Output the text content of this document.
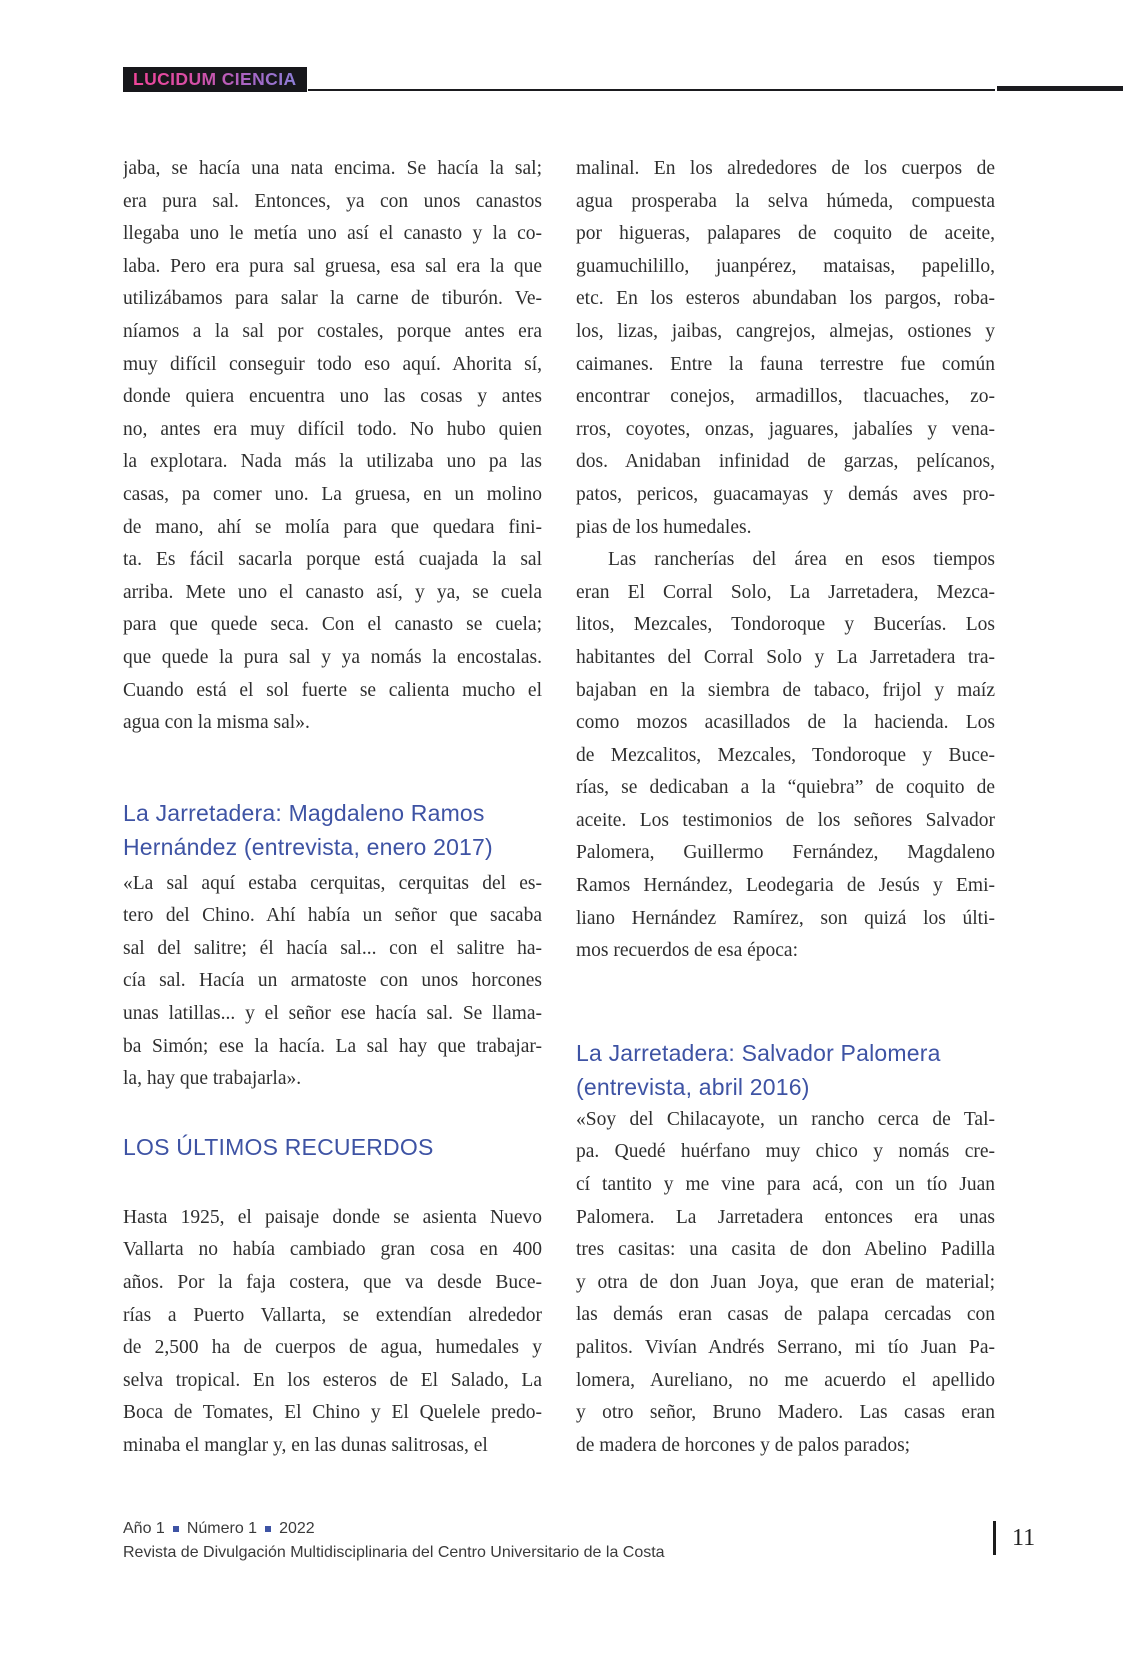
LUCIDUM CIENCIA
jaba, se hacía una nata encima. Se hacía la sal;
era pura sal. Entonces, ya con unos canastos
llegaba uno le metía uno así el canasto y la co-
laba. Pero era pura sal gruesa, esa sal era la que
utilizábamos para salar la carne de tiburón. Ve-
níamos a la sal por costales, porque antes era
muy difícil conseguir todo eso aquí. Ahorita sí,
donde quiera encuentra uno las cosas y antes
no, antes era muy difícil todo. No hubo quien
la explotara. Nada más la utilizaba uno pa las
casas, pa comer uno. La gruesa, en un molino
de mano, ahí se molía para que quedara fini-
ta. Es fácil sacarla porque está cuajada la sal
arriba. Mete uno el canasto así, y ya, se cuela
para que quede seca. Con el canasto se cuela;
que quede la pura sal y ya nomás la encostalas.
Cuando está el sol fuerte se calienta mucho el
agua con la misma sal».
La Jarretadera: Magdaleno Ramos
Hernández (entrevista, enero 2017)
«La sal aquí estaba cerquitas, cerquitas del es-
tero del Chino. Ahí había un señor que sacaba
sal del salitre; él hacía sal... con el salitre ha-
cía sal. Hacía un armatoste con unos horcones
unas latillas... y el señor ese hacía sal. Se llama-
ba Simón; ese la hacía. La sal hay que trabajar-
la, hay que trabajarla».
LOS ÚLTIMOS RECUERDOS
Hasta 1925, el paisaje donde se asienta Nuevo
Vallarta no había cambiado gran cosa en 400
años. Por la faja costera, que va desde Buce-
rías a Puerto Vallarta, se extendían alrededor
de 2,500 ha de cuerpos de agua, humedales y
selva tropical. En los esteros de El Salado, La
Boca de Tomates, El Chino y El Quelele predo-
minaba el manglar y, en las dunas salitrosas, el
malinal. En los alrededores de los cuerpos de
agua prosperaba la selva húmeda, compuesta
por higueras, palapares de coquito de aceite,
guamuchilillo, juanpérez, mataisas, papelillo,
etc. En los esteros abundaban los pargos, roba-
los, lizas, jaibas, cangrejos, almejas, ostiones y
caimanes. Entre la fauna terrestre fue común
encontrar conejos, armadillos, tlacuaches, zo-
rros, coyotes, onzas, jaguares, jabalíes y vena-
dos. Anidaban infinidad de garzas, pelícanos,
patos, pericos, guacamayas y demás aves pro-
pias de los humedales.
Las rancherías del área en esos tiempos
eran El Corral Solo, La Jarretadera, Mezca-
litos, Mezcales, Tondoroque y Bucerías. Los
habitantes del Corral Solo y La Jarretadera tra-
bajaban en la siembra de tabaco, frijol y maíz
como mozos acasillados de la hacienda. Los
de Mezcalitos, Mezcales, Tondoroque y Buce-
rías, se dedicaban a la “quiebra” de coquito de
aceite. Los testimonios de los señores Salvador
Palomera, Guillermo Fernández, Magdaleno
Ramos Hernández, Leodegaria de Jesús y Emi-
liano Hernández Ramírez, son quizá los últi-
mos recuerdos de esa época:
La Jarretadera: Salvador Palomera
(entrevista, abril 2016)
«Soy del Chilacayote, un rancho cerca de Tal-
pa. Quedé huérfano muy chico y nomás cre-
cí tantito y me vine para acá, con un tío Juan
Palomera. La Jarretadera entonces era unas
tres casitas: una casita de don Abelino Padilla
y otra de don Juan Joya, que eran de material;
las demás eran casas de palapa cercadas con
palitos. Vivían Andrés Serrano, mi tío Juan Pa-
lomera, Aureliano, no me acuerdo el apellido
y otro señor, Bruno Madero. Las casas eran
de madera de horcones y de palos parados;
Año 1 Número 1 2022
Revista de Divulgación Multidisciplinaria del Centro Universitario de la Costa
11
